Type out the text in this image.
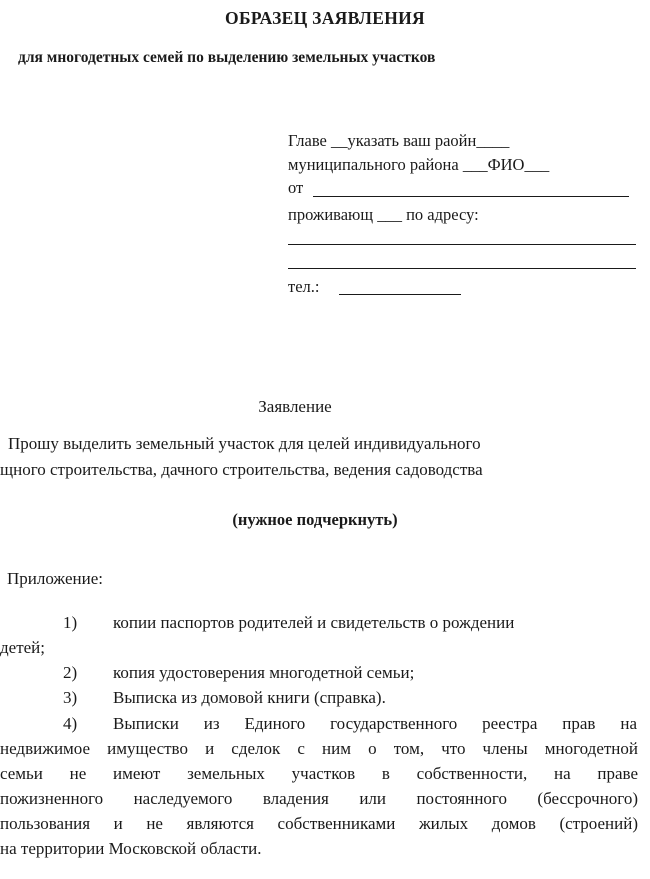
ОБРАЗЕЦ ЗАЯВЛЕНИЯ
для многодетных семей по выделению земельных участков
Главе __указать ваш раойн____
муниципального района ___ФИО___
от
проживающ ___ по адресу:
тел.:
Заявление
Прошу выделить земельный участок для целей индивидуального
щного строительства, дачного строительства, ведения садоводства
(нужное подчеркнуть)
Приложение:
1) копии паспортов родителей и свидетельств о рождении
детей;
2) копия удостоверения многодетной семьи;
3) Выписка из домовой книги (справка).
4) Выписки из Единого государственного реестра прав на
недвижимое имущество и сделок с ним о том, что члены многодетной
семьи не имеют земельных участков в собственности, на праве
пожизненного наследуемого владения или постоянного (бессрочного)
пользования и не являются собственниками жилых домов (строений)
на территории Московской области.
